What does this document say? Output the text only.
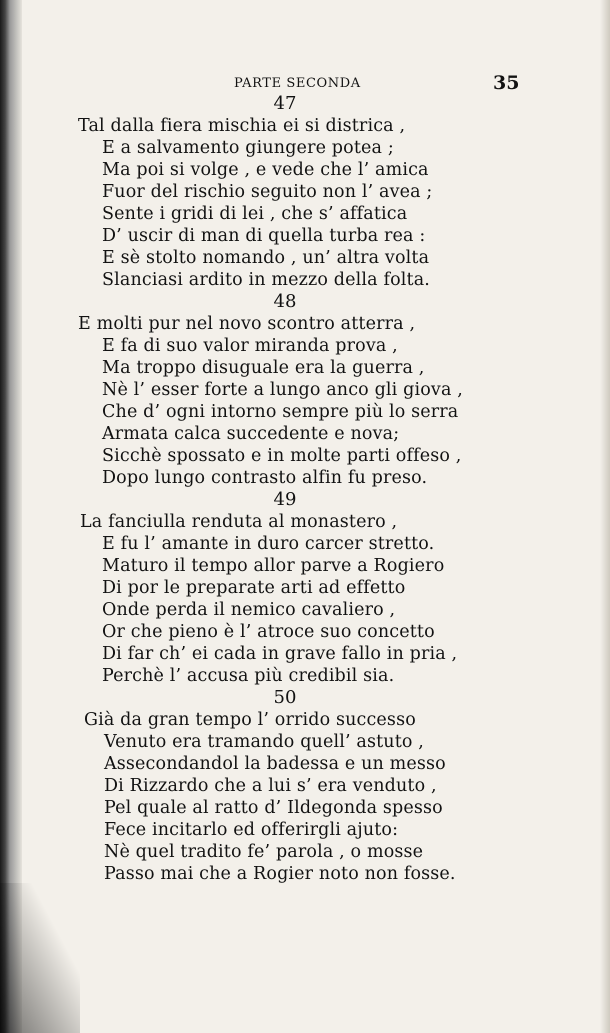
PARTE SECONDA	35
47
Tal dalla fiera mischia ei si districa ,
E a salvamento giungere potea ;
Ma poi si volge , e vede che l’ amica
Fuor del rischio seguito non l’ avea ;
Sente i gridi di lei , che s’ affatica
D’ uscir di man di quella turba rea :
E sè stolto nomando , un’ altra volta
Slanciasi ardito in mezzo della folta.
48
E molti pur nel novo scontro atterra ,
E fa di suo valor miranda prova ,
Ma troppo disuguale era la guerra ,
Nè l’ esser forte a lungo anco gli giova ,
Che d’ ogni intorno sempre più lo serra
Armata calca succedente e nova;
Sicchè spossato e in molte parti offeso ,
Dopo lungo contrasto alfin fu preso.
49
La fanciulla renduta al monastero ,
E fu l’ amante in duro carcer stretto.
Maturo il tempo allor parve a Rogiero
Di por le preparate arti ad effetto
Onde perda il nemico cavaliero ,
Or che pieno è l’ atroce suo concetto
Di far ch’ ei cada in grave fallo in pria ,
Perchè l’ accusa più credibil sia.
50
Già da gran tempo l’ orrido successo
Venuto era tramando quell’ astuto ,
Assecondandol la badessa e un messo
Di Rizzardo che a lui s’ era venduto ,
Pel quale al ratto d’ Ildegonda spesso
Fece incitarlo ed offerirgli ajuto:
Nè quel tradito fe’ parola , o mosse
Passo mai che a Rogier noto non fosse.
